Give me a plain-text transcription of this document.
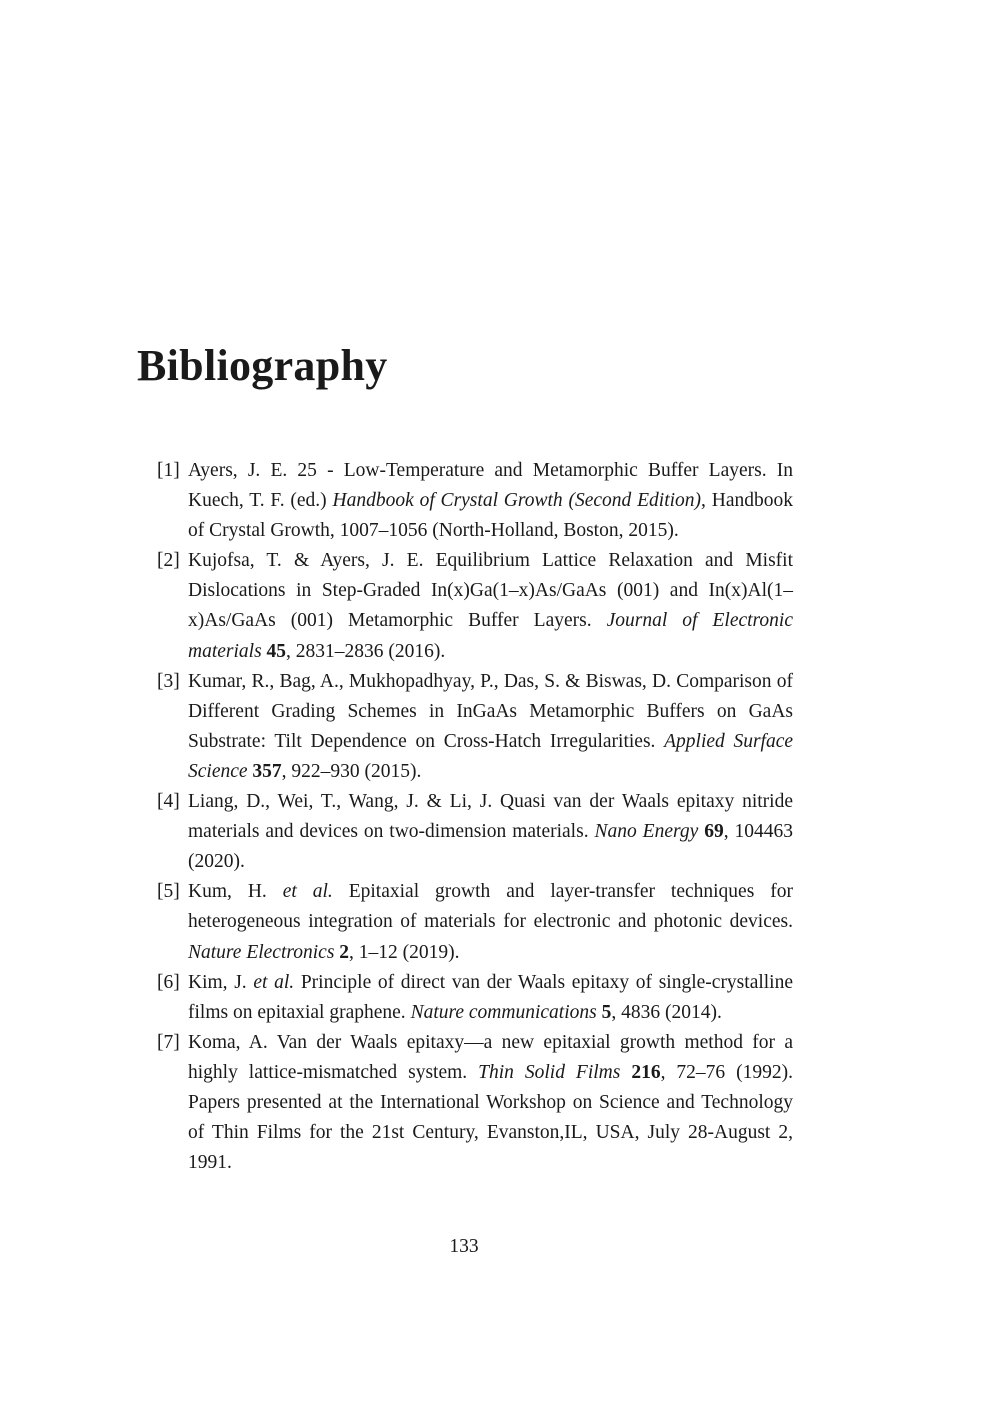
Bibliography
[1] Ayers, J. E. 25 - Low-Temperature and Metamorphic Buffer Layers. In Kuech, T. F. (ed.) Handbook of Crystal Growth (Second Edition), Handbook of Crystal Growth, 1007–1056 (North-Holland, Boston, 2015).
[2] Kujofsa, T. & Ayers, J. E. Equilibrium Lattice Relaxation and Misfit Dislocations in Step-Graded In(x)Ga(1–x)As/GaAs (001) and In(x)Al(1–x)As/GaAs (001) Metamorphic Buffer Layers. Journal of Electronic materials 45, 2831–2836 (2016).
[3] Kumar, R., Bag, A., Mukhopadhyay, P., Das, S. & Biswas, D. Comparison of Different Grading Schemes in InGaAs Metamorphic Buffers on GaAs Substrate: Tilt Dependence on Cross-Hatch Irregularities. Applied Surface Science 357, 922–930 (2015).
[4] Liang, D., Wei, T., Wang, J. & Li, J. Quasi van der Waals epitaxy nitride materials and devices on two-dimension materials. Nano Energy 69, 104463 (2020).
[5] Kum, H. et al. Epitaxial growth and layer-transfer techniques for heterogeneous integration of materials for electronic and photonic devices. Nature Electronics 2, 1–12 (2019).
[6] Kim, J. et al. Principle of direct van der Waals epitaxy of single-crystalline films on epitaxial graphene. Nature communications 5, 4836 (2014).
[7] Koma, A. Van der Waals epitaxy—a new epitaxial growth method for a highly lattice-mismatched system. Thin Solid Films 216, 72–76 (1992). Papers presented at the International Workshop on Science and Technology of Thin Films for the 21st Century, Evanston,IL, USA, July 28-August 2, 1991.
133
